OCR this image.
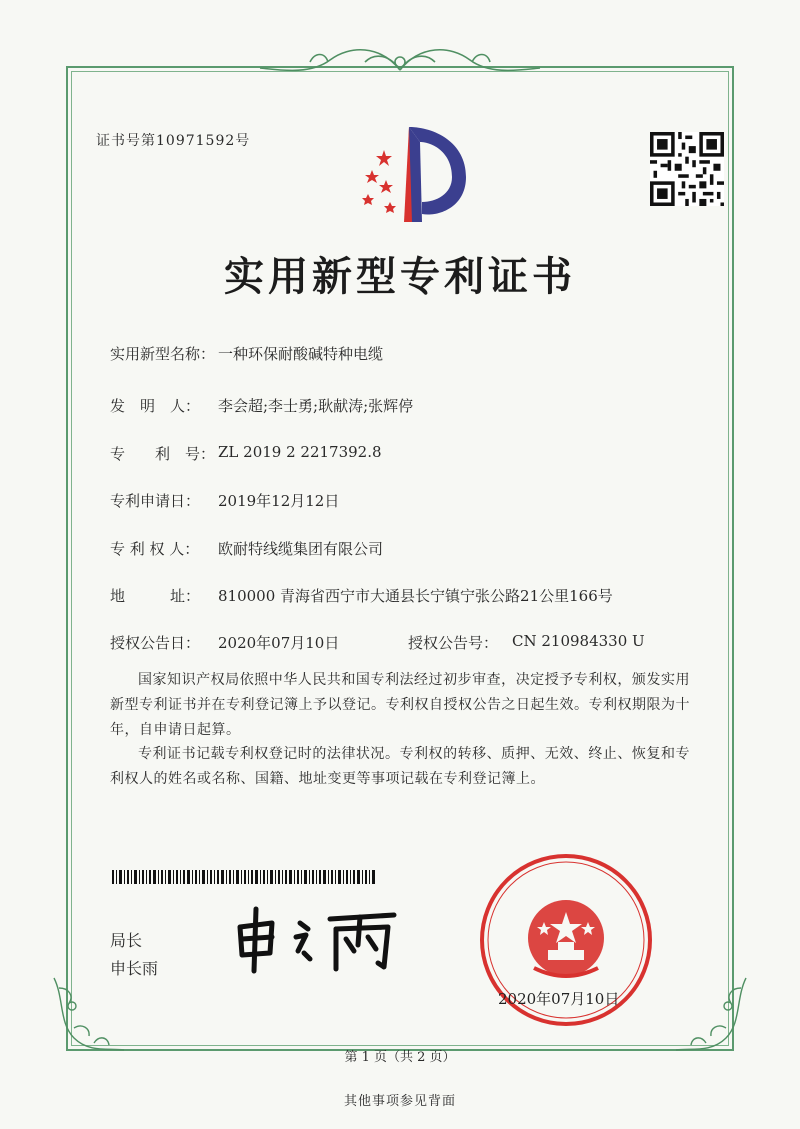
证书号第10971592号
实用新型专利证书
实用新型名称： 一种环保耐酸碱特种电缆
发　明　人： 李会超;李士勇;耿献涛;张辉停
专　　利　号： ZL 2019 2 2217392.8
专利申请日： 2019年12月12日
专 利 权 人： 欧耐特线缆集团有限公司
地　　　址： 810000 青海省西宁市大通县长宁镇宁张公路21公里166号
授权公告日： 2020年07月10日	授权公告号： CN 210984330 U
国家知识产权局依照中华人民共和国专利法经过初步审查，决定授予专利权，颁发实用新型专利证书并在专利登记簿上予以登记。专利权自授权公告之日起生效。专利权期限为十年，自申请日起算。
专利证书记载专利权登记时的法律状况。专利权的转移、质押、无效、终止、恢复和专利权人的姓名或名称、国籍、地址变更等事项记载在专利登记簿上。
局长
申长雨
2020年07月10日
第 1 页（共 2 页）
其他事项参见背面
